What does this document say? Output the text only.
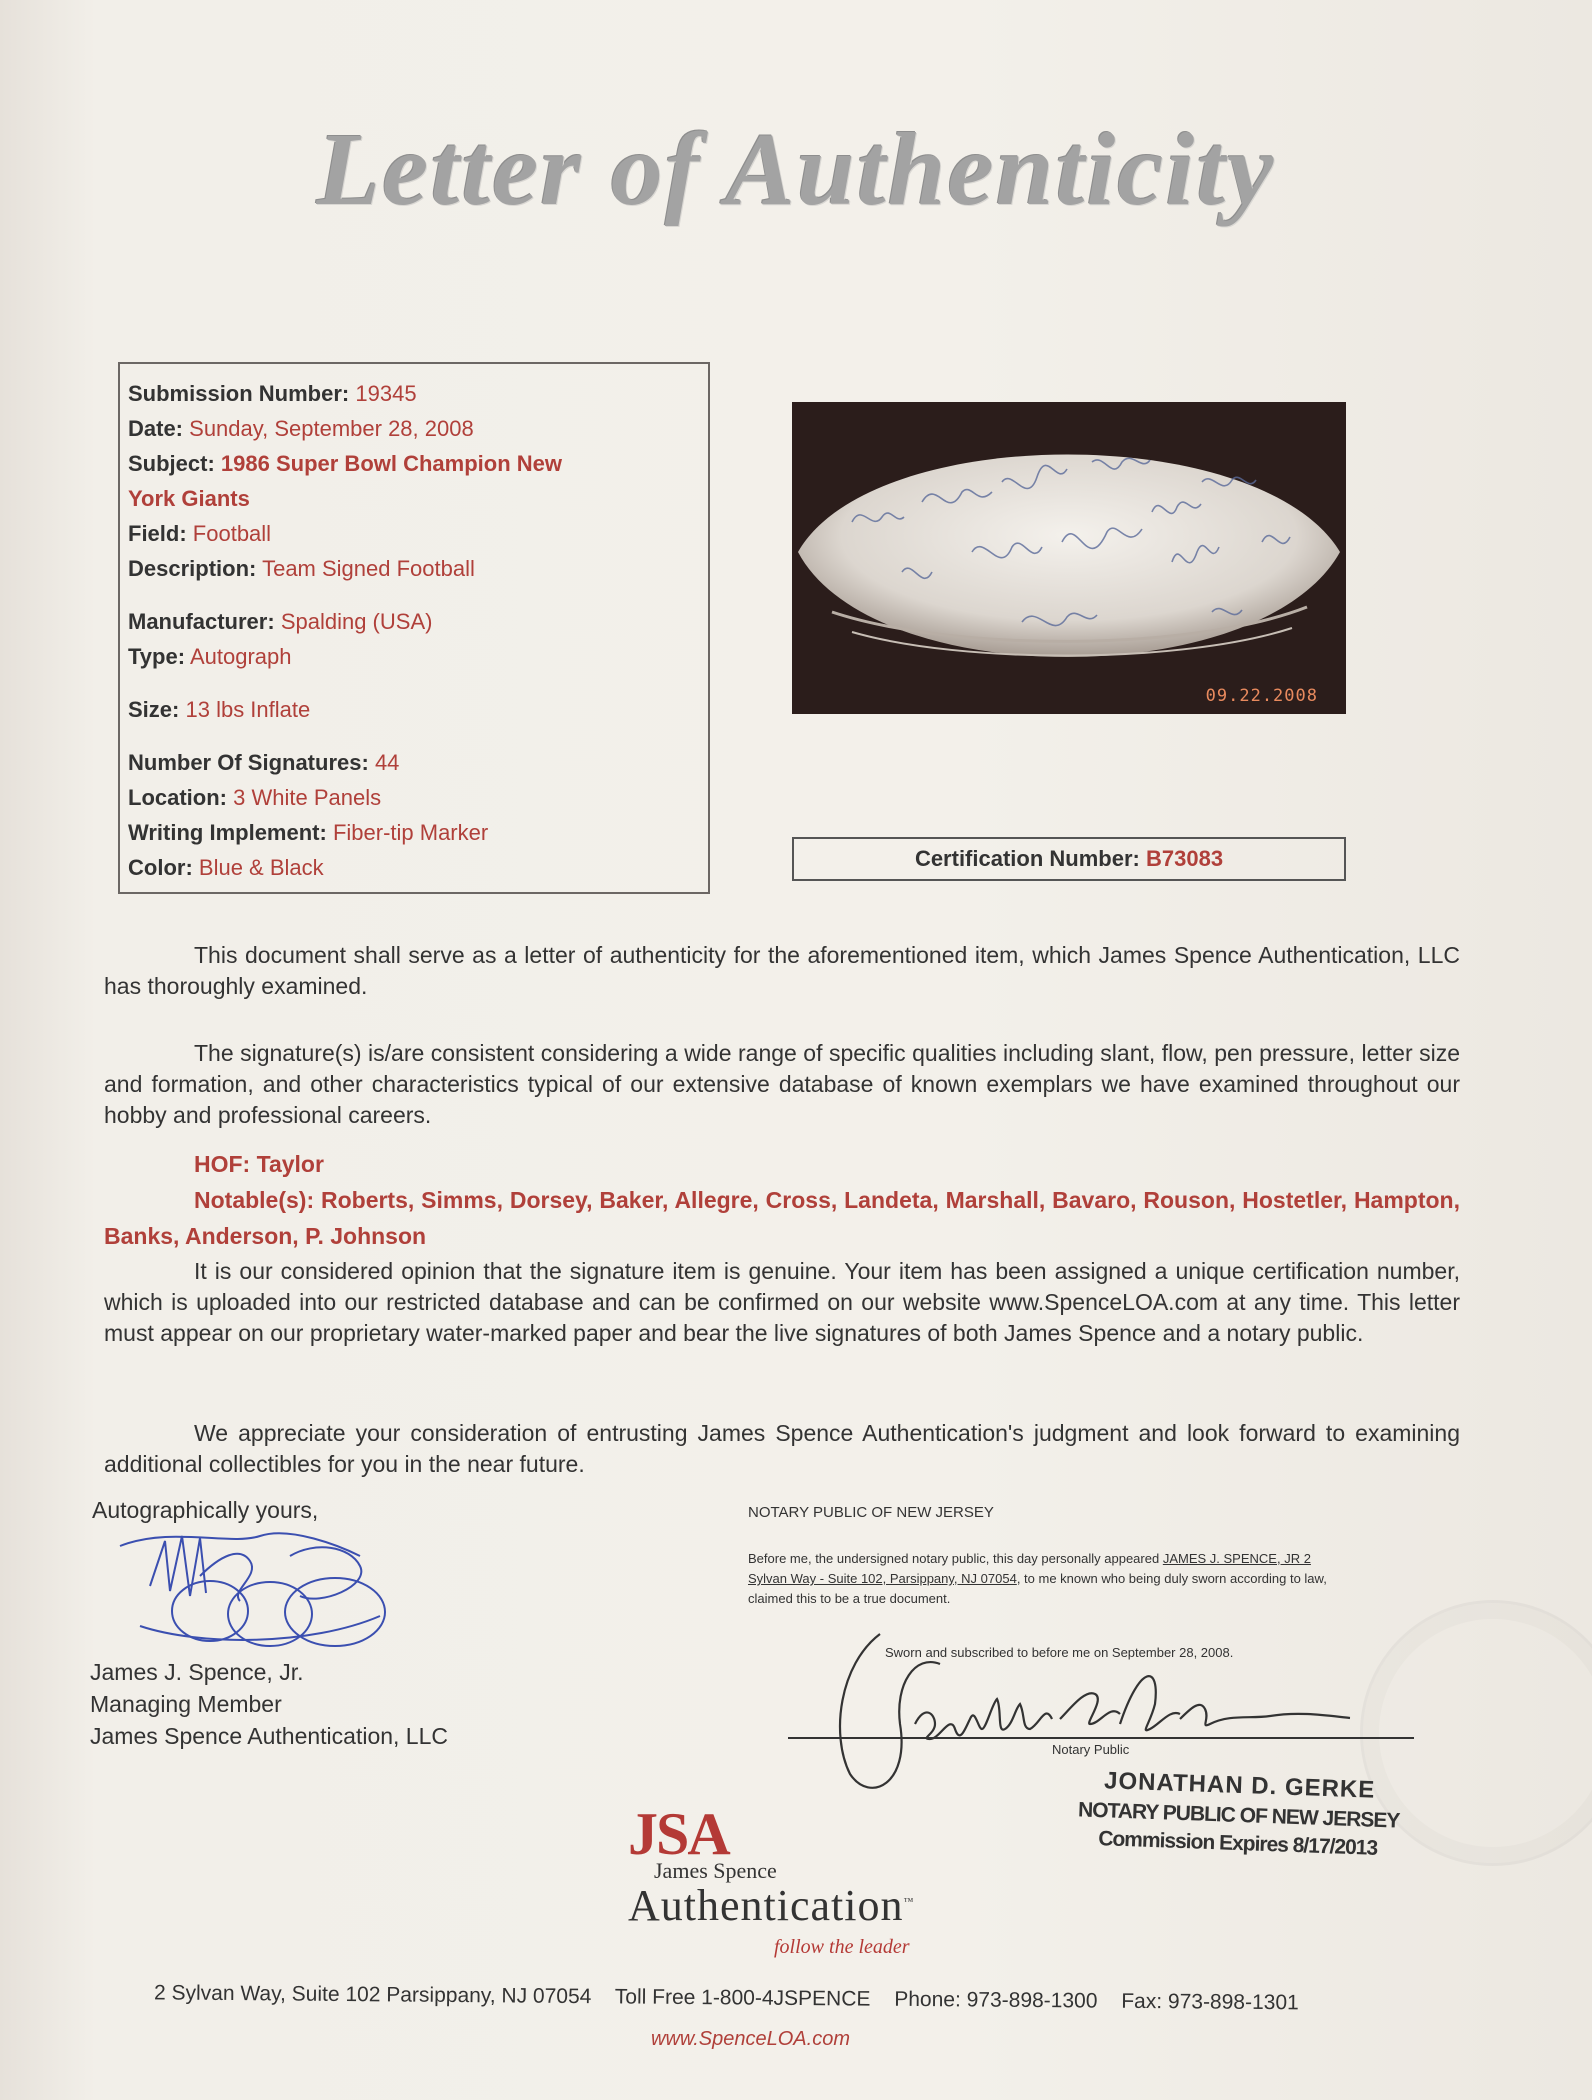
Letter of Authenticity
Submission Number: 19345
Date: Sunday, September 28, 2008
Subject: 1986 Super Bowl Champion New York Giants
Field: Football
Description: Team Signed Football
Manufacturer: Spalding (USA)
Type: Autograph
Size: 13 lbs Inflate
Number Of Signatures: 44
Location: 3 White Panels
Writing Implement: Fiber-tip Marker
Color: Blue & Black
09.22.2008
Certification Number: B73083
This document shall serve as a letter of authenticity for the aforementioned item, which James Spence Authentication, LLC has thoroughly examined.
The signature(s) is/are consistent considering a wide range of specific qualities including slant, flow, pen pressure, letter size and formation, and other characteristics typical of our extensive database of known exemplars we have examined throughout our hobby and professional careers.
HOF: Taylor
Notable(s): Roberts, Simms, Dorsey, Baker, Allegre, Cross, Landeta, Marshall, Bavaro, Rouson, Hostetler, Hampton, Banks, Anderson, P. Johnson
It is our considered opinion that the signature item is genuine. Your item has been assigned a unique certification number, which is uploaded into our restricted database and can be confirmed on our website www.SpenceLOA.com at any time. This letter must appear on our proprietary water-marked paper and bear the live signatures of both James Spence and a notary public.
We appreciate your consideration of entrusting James Spence Authentication's judgment and look forward to examining additional collectibles for you in the near future.
Autographically yours,
James J. Spence, Jr.
Managing Member
James Spence Authentication, LLC
NOTARY PUBLIC OF NEW JERSEY
Before me, the undersigned notary public, this day personally appeared JAMES J. SPENCE, JR 2 Sylvan Way - Suite 102, Parsippany, NJ 07054, to me known who being duly sworn according to law, claimed this to be a true document.
Sworn and subscribed to before me on September 28, 2008.
Notary Public
JONATHAN D. GERKE
NOTARY PUBLIC OF NEW JERSEY
Commission Expires 8/17/2013
JSA
James Spence
Authentication™
follow the leader
2 Sylvan Way, Suite 102 Parsippany, NJ 07054 Toll Free 1-800-4JSPENCE Phone: 973-898-1300 Fax: 973-898-1301
www.SpenceLOA.com
